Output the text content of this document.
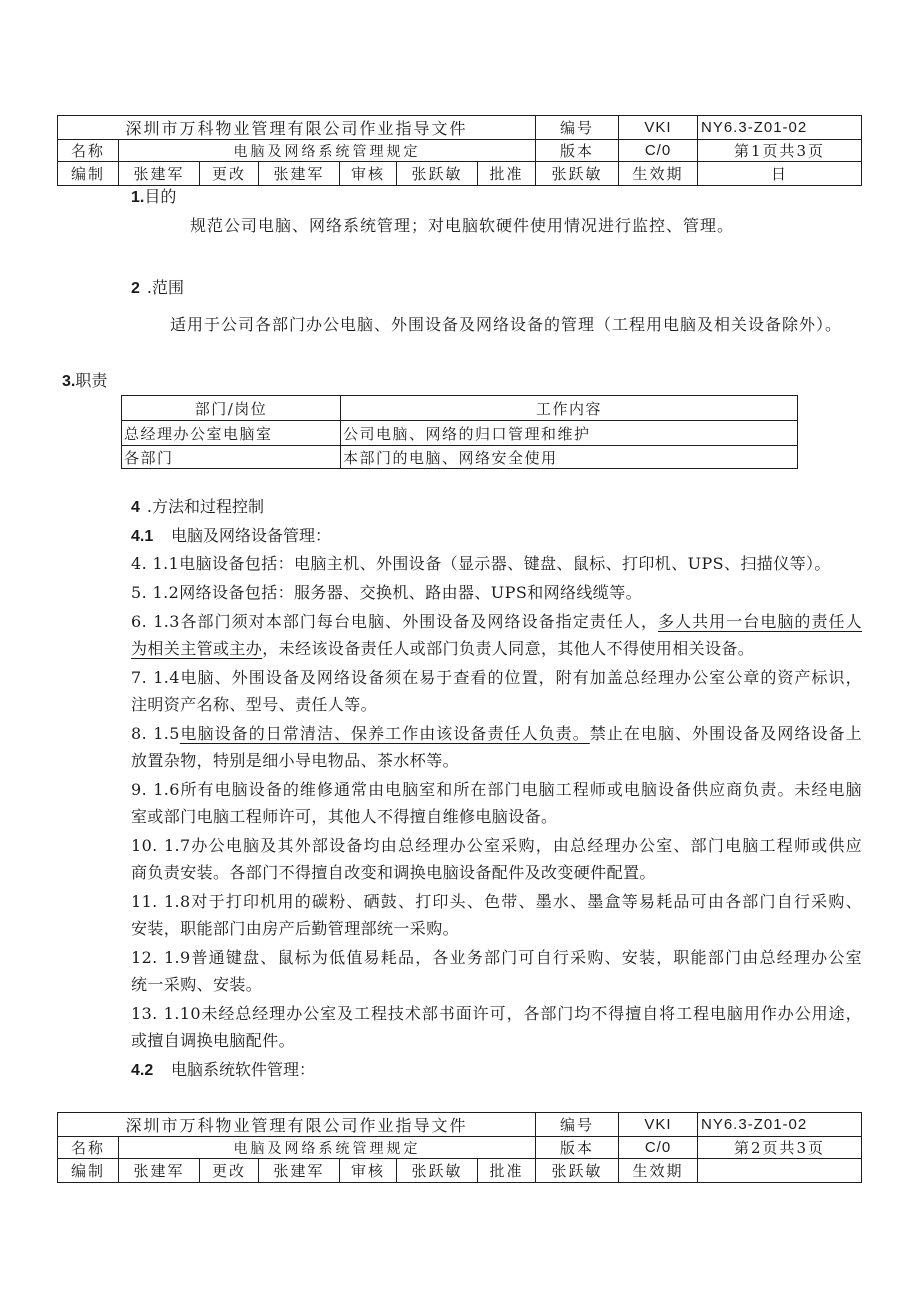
深圳市万科物业管理有限公司作业指导文件	编号	VKI	NY6.3-Z01-02
名称	电脑及网络系统管理规定	版本	C/0	第1页共3页
编制	张建军	更改	张建军	审核	张跃敏	批准	张跃敏	生效期	日
1.目的
规范公司电脑、网络系统管理；对电脑软硬件使用情况进行监控、管理。
2 .范围
适用于公司各部门办公电脑、外围设备及网络设备的管理（工程用电脑及相关设备除外）。
3.职责
部门/岗位	工作内容
总经理办公室电脑室	公司电脑、网络的归口管理和维护
各部门	本部门的电脑、网络安全使用
4 .方法和过程控制
4.1 电脑及网络设备管理：
4. 1.1电脑设备包括：电脑主机、外围设备（显示器、键盘、鼠标、打印机、UPS、扫描仪等）。
5. 1.2网络设备包括：服务器、交换机、路由器、UPS和网络线缆等。
6. 1.3各部门须对本部门每台电脑、外围设备及网络设备指定责任人，多人共用一台电脑的责任人
为相关主管或主办，未经该设备责任人或部门负责人同意，其他人不得使用相关设备。
7. 1.4电脑、外围设备及网络设备须在易于查看的位置，附有加盖总经理办公室公章的资产标识，
注明资产名称、型号、责任人等。
8. 1.5电脑设备的日常清洁、保养工作由该设备责任人负责。禁止在电脑、外围设备及网络设备上
放置杂物，特别是细小导电物品、茶水杯等。
9. 1.6所有电脑设备的维修通常由电脑室和所在部门电脑工程师或电脑设备供应商负责。未经电脑
室或部门电脑工程师许可，其他人不得擅自维修电脑设备。
10. 1.7办公电脑及其外部设备均由总经理办公室采购，由总经理办公室、部门电脑工程师或供应
商负责安装。各部门不得擅自改变和调换电脑设备配件及改变硬件配置。
11. 1.8对于打印机用的碳粉、硒鼓、打印头、色带、墨水、墨盒等易耗品可由各部门自行采购、
安装，职能部门由房产后勤管理部统一采购。
12. 1.9普通键盘、鼠标为低值易耗品，各业务部门可自行采购、安装，职能部门由总经理办公室
统一采购、安装。
13. 1.10未经总经理办公室及工程技术部书面许可，各部门均不得擅自将工程电脑用作办公用途，
或擅自调换电脑配件。
4.2 电脑系统软件管理：
深圳市万科物业管理有限公司作业指导文件	编号	VKI	NY6.3-Z01-02
名称	电脑及网络系统管理规定	版本	C/0	第2页共3页
编制	张建军	更改	张建军	审核	张跃敏	批准	张跃敏	生效期
